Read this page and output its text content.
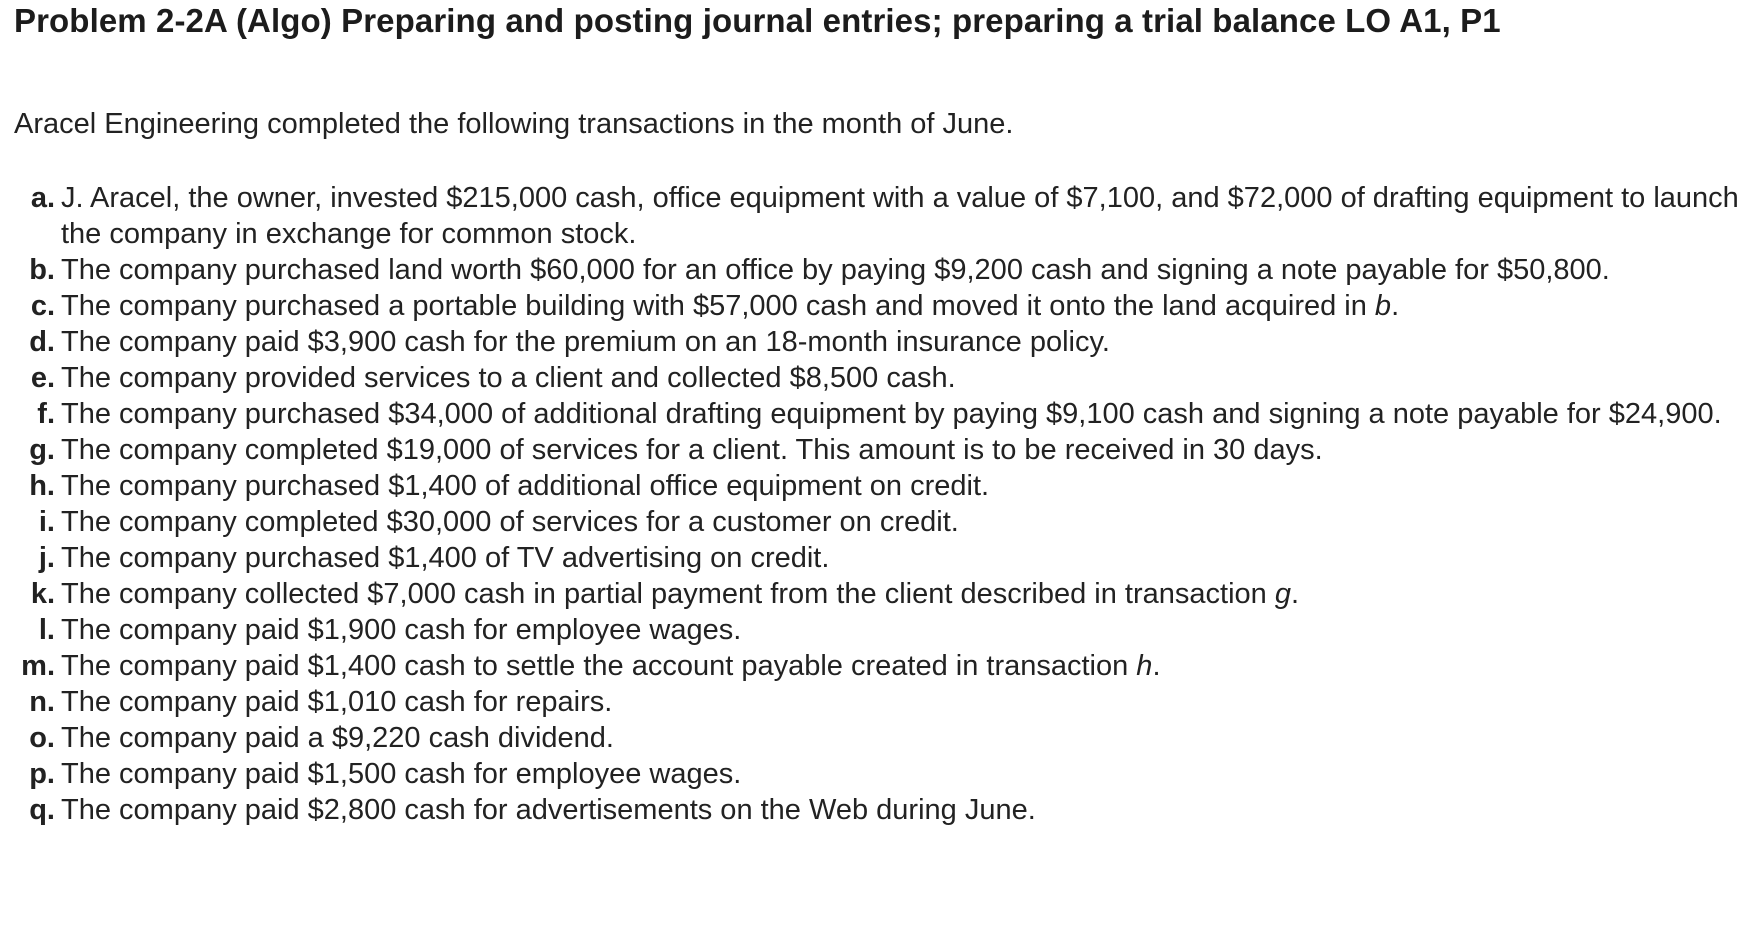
Problem 2-2A (Algo) Preparing and posting journal entries; preparing a trial balance LO A1, P1

Aracel Engineering completed the following transactions in the month of June.

a. J. Aracel, the owner, invested $215,000 cash, office equipment with a value of $7,100, and $72,000 of drafting equipment to launch the company in exchange for common stock.
b. The company purchased land worth $60,000 for an office by paying $9,200 cash and signing a note payable for $50,800.
c. The company purchased a portable building with $57,000 cash and moved it onto the land acquired in b.
d. The company paid $3,900 cash for the premium on an 18-month insurance policy.
e. The company provided services to a client and collected $8,500 cash.
f. The company purchased $34,000 of additional drafting equipment by paying $9,100 cash and signing a note payable for $24,900.
g. The company completed $19,000 of services for a client. This amount is to be received in 30 days.
h. The company purchased $1,400 of additional office equipment on credit.
i. The company completed $30,000 of services for a customer on credit.
j. The company purchased $1,400 of TV advertising on credit.
k. The company collected $7,000 cash in partial payment from the client described in transaction g.
l. The company paid $1,900 cash for employee wages.
m. The company paid $1,400 cash to settle the account payable created in transaction h.
n. The company paid $1,010 cash for repairs.
o. The company paid a $9,220 cash dividend.
p. The company paid $1,500 cash for employee wages.
q. The company paid $2,800 cash for advertisements on the Web during June.
